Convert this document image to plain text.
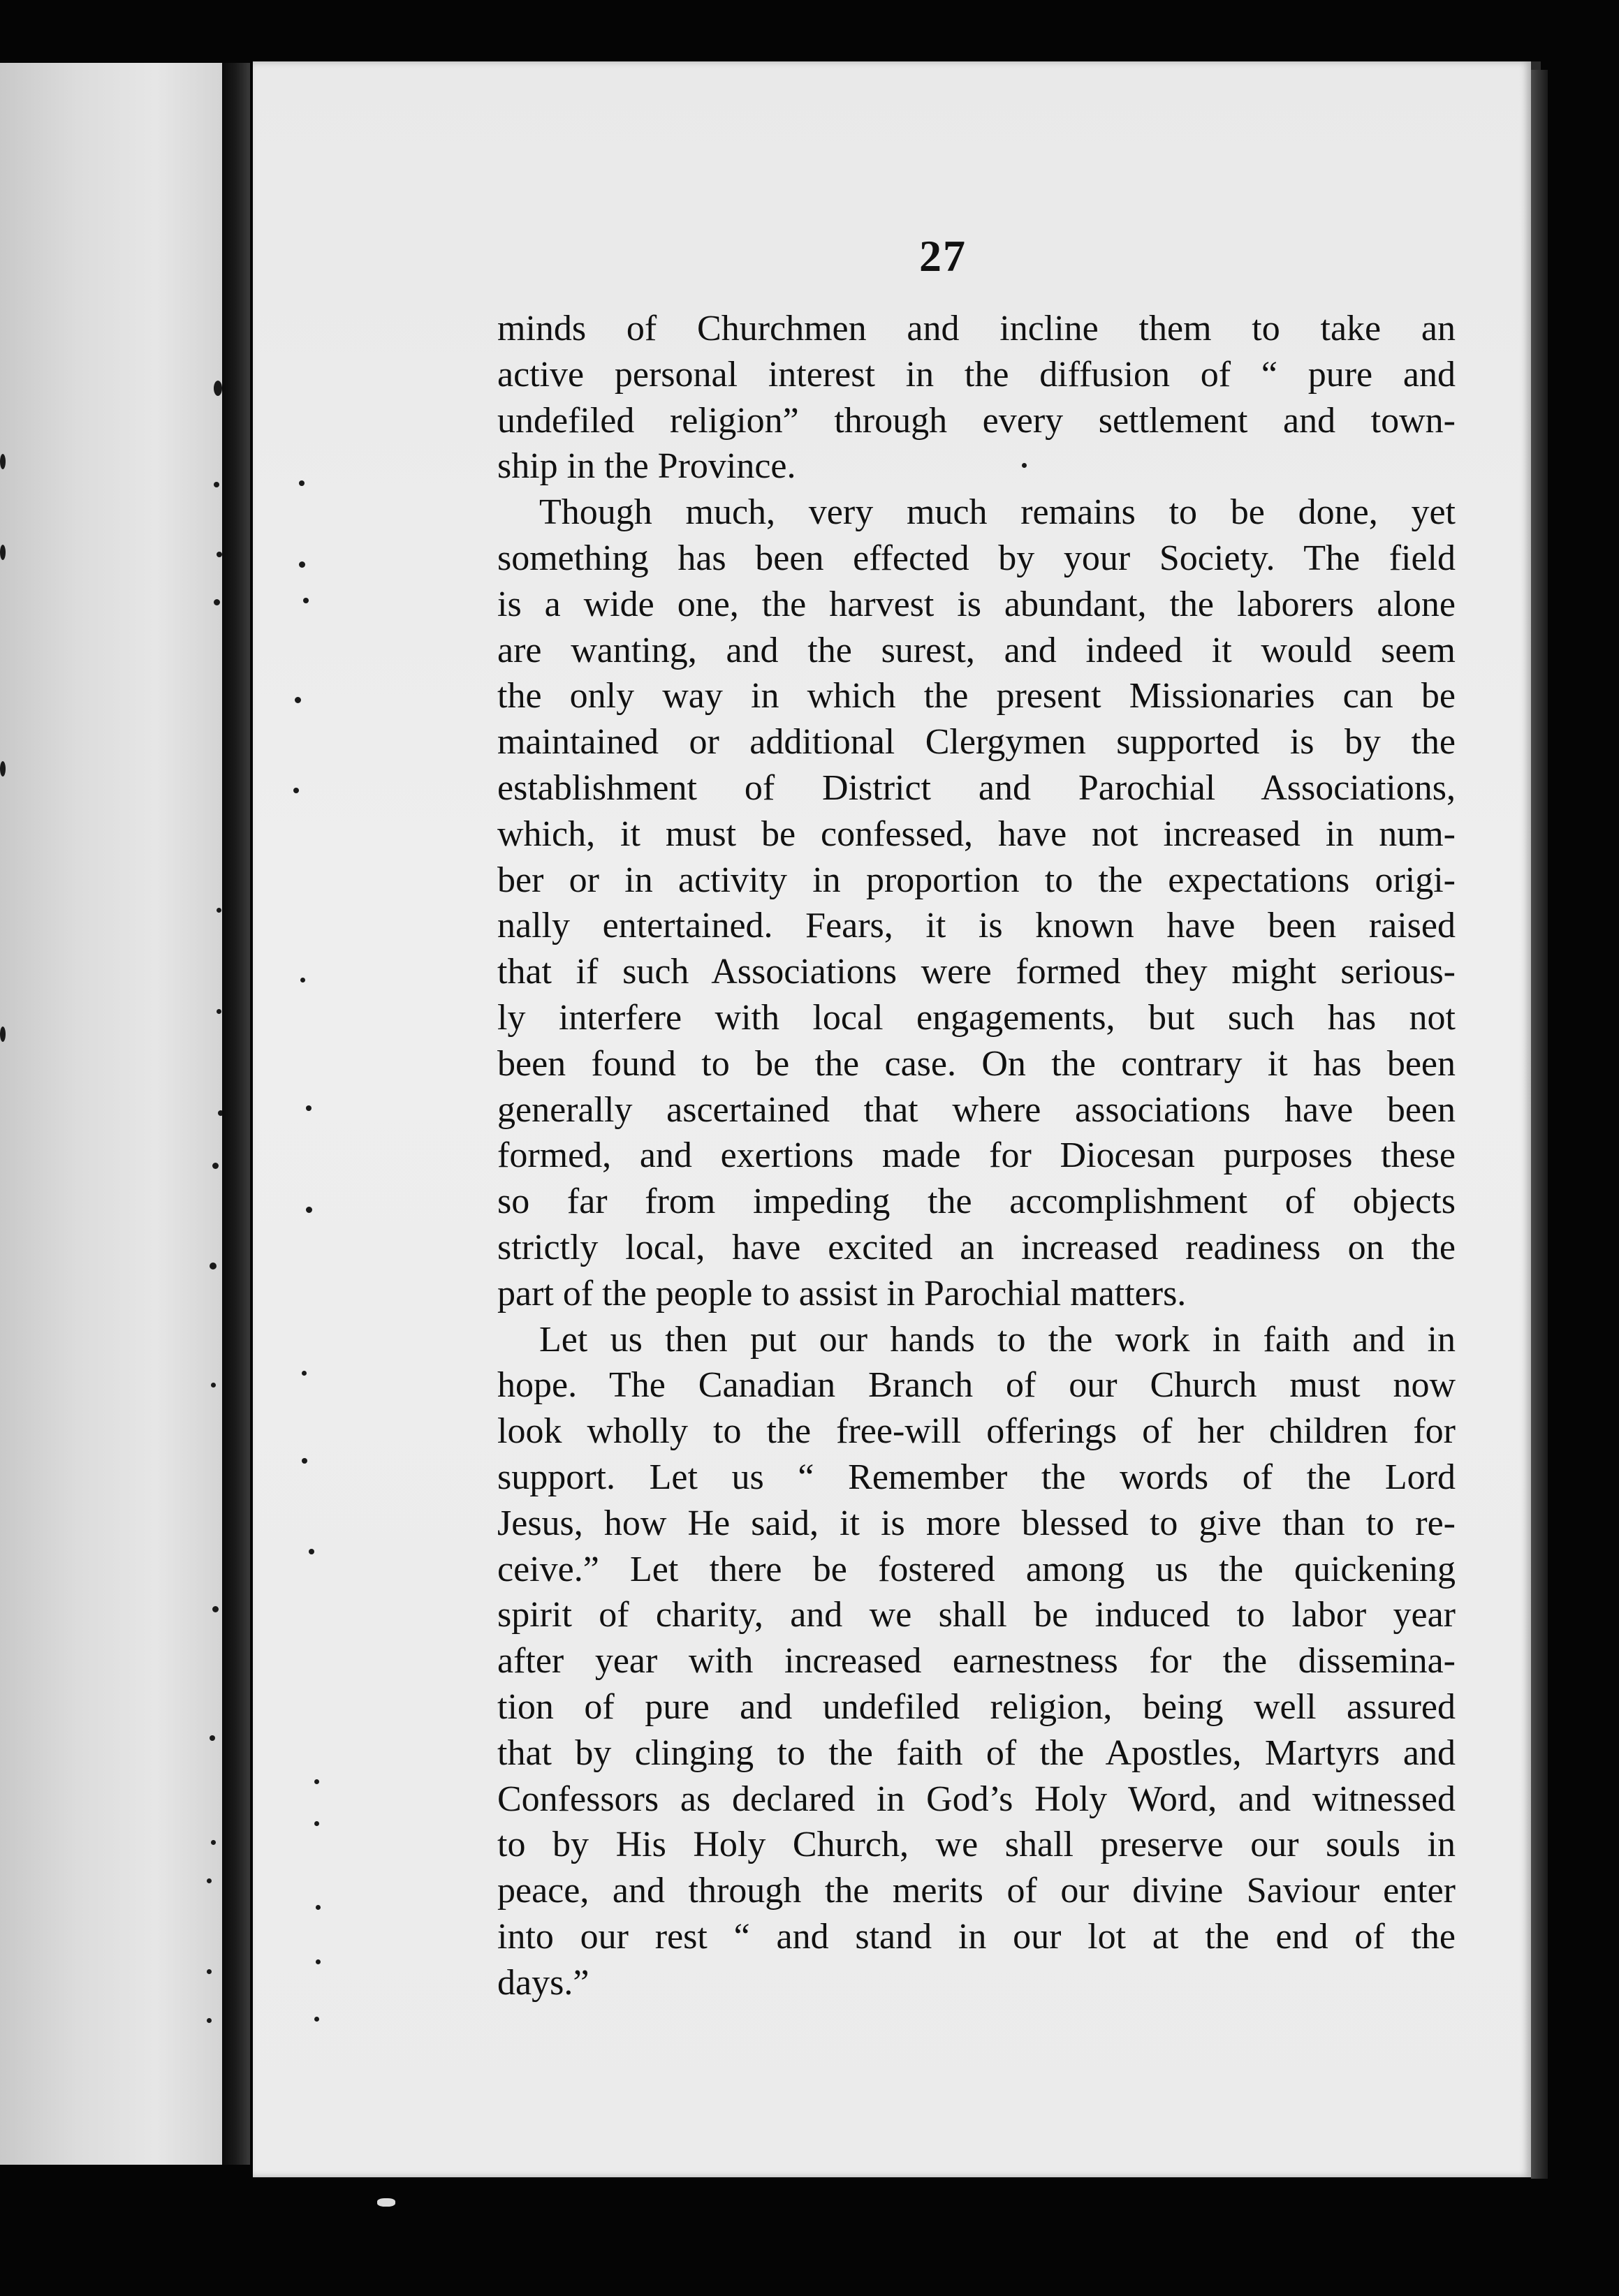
27
minds of Churchmen and incline them to take an
active personal interest in the diffusion of “ pure and
undefiled religion” through every settlement and town-
ship in the Province.
Though much, very much remains to be done, yet
something has been effected by your Society. The field
is a wide one, the harvest is abundant, the laborers alone
are wanting, and the surest, and indeed it would seem
the only way in which the present Missionaries can be
maintained or additional Clergymen supported is by the
establishment of District and Parochial Associations,
which, it must be confessed, have not increased in num-
ber or in activity in proportion to the expectations origi-
nally entertained. Fears, it is known have been raised
that if such Associations were formed they might serious-
ly interfere with local engagements, but such has not
been found to be the case. On the contrary it has been
generally ascertained that where associations have been
formed, and exertions made for Diocesan purposes these
so far from impeding the accomplishment of objects
strictly local, have excited an increased readiness on the
part of the people to assist in Parochial matters.
Let us then put our hands to the work in faith and in
hope. The Canadian Branch of our Church must now
look wholly to the free-will offerings of her children for
support. Let us “ Remember the words of the Lord
Jesus, how He said, it is more blessed to give than to re-
ceive.” Let there be fostered among us the quickening
spirit of charity, and we shall be induced to labor year
after year with increased earnestness for the dissemina-
tion of pure and undefiled religion, being well assured
that by clinging to the faith of the Apostles, Martyrs and
Confessors as declared in God’s Holy Word, and witnessed
to by His Holy Church, we shall preserve our souls in
peace, and through the merits of our divine Saviour enter
into our rest “ and stand in our lot at the end of the
days.”
